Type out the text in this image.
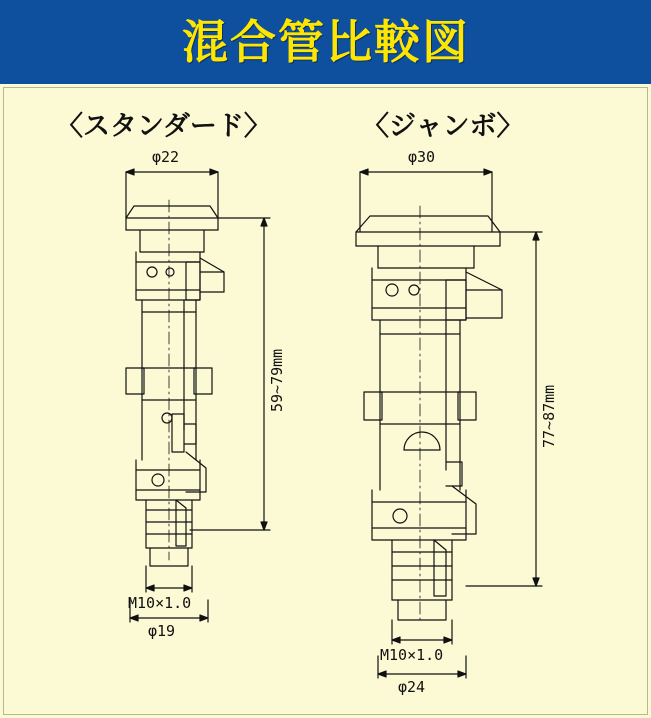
混合管比較図
〈スタンダード〉	〈ジャンボ〉
φ22
59~79mm
M10×1.0
φ19
φ30
77~87mm
M10×1.0
φ24
